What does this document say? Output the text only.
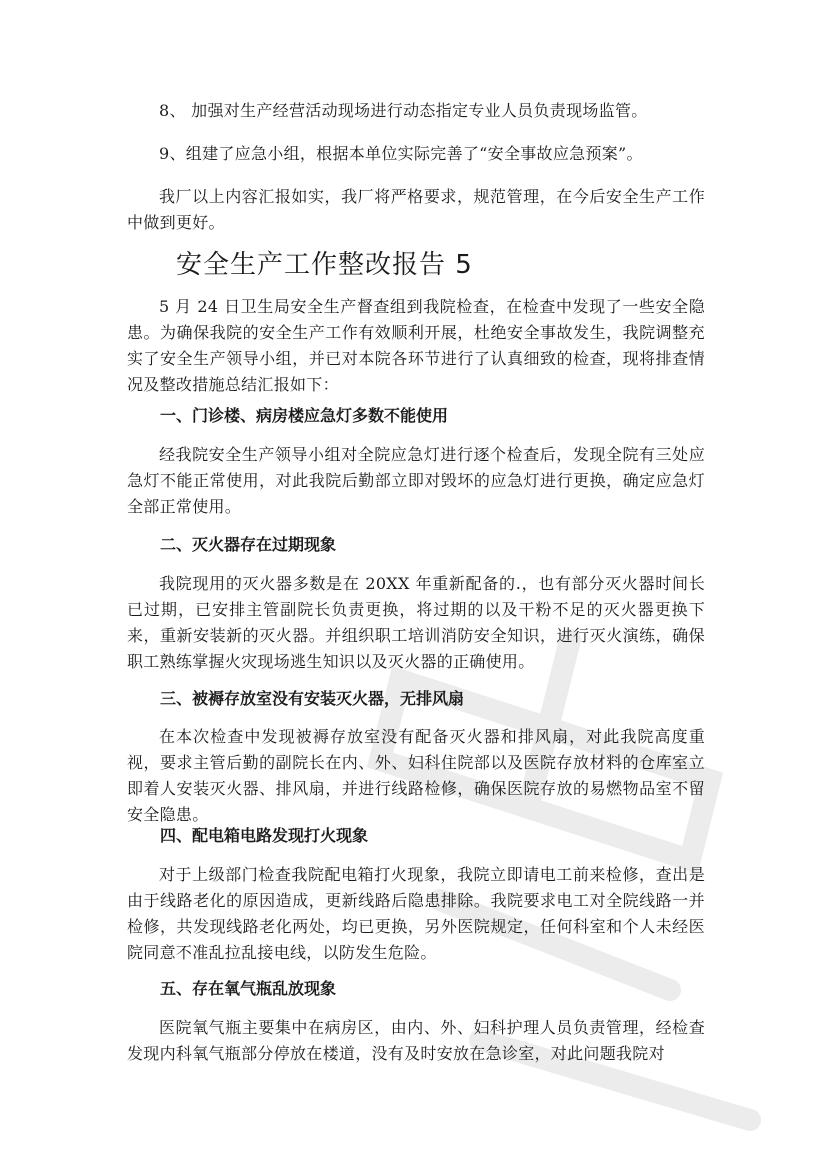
8、 加强对生产经营活动现场进行动态指定专业人员负责现场监管。
9、组建了应急小组，根据本单位实际完善了“安全事故应急预案”。
我厂以上内容汇报如实，我厂将严格要求，规范管理，在今后安全生产工作中做到更好。
安全生产工作整改报告 5
5 月 24 日卫生局安全生产督查组到我院检查，在检查中发现了一些安全隐患。为确保我院的安全生产工作有效顺利开展，杜绝安全事故发生，我院调整充实了安全生产领导小组，并已对本院各环节进行了认真细致的检查，现将排查情况及整改措施总结汇报如下：
一、门诊楼、病房楼应急灯多数不能使用
经我院安全生产领导小组对全院应急灯进行逐个检查后，发现全院有三处应急灯不能正常使用，对此我院后勤部立即对毁坏的应急灯进行更换，确定应急灯全部正常使用。
二、灭火器存在过期现象
我院现用的灭火器多数是在 20XX 年重新配备的.，也有部分灭火器时间长已过期，已安排主管副院长负责更换，将过期的以及干粉不足的灭火器更换下来，重新安装新的灭火器。并组织职工培训消防安全知识，进行灭火演练，确保职工熟练掌握火灾现场逃生知识以及灭火器的正确使用。
三、被褥存放室没有安装灭火器，无排风扇
在本次检查中发现被褥存放室没有配备灭火器和排风扇，对此我院高度重视，要求主管后勤的副院长在内、外、妇科住院部以及医院存放材料的仓库室立即着人安装灭火器、排风扇，并进行线路检修，确保医院存放的易燃物品室不留安全隐患。
四、配电箱电路发现打火现象
对于上级部门检查我院配电箱打火现象，我院立即请电工前来检修，查出是由于线路老化的原因造成，更新线路后隐患排除。我院要求电工对全院线路一并检修，共发现线路老化两处，均已更换，另外医院规定，任何科室和个人未经医院同意不准乱拉乱接电线，以防发生危险。
五、存在氧气瓶乱放现象
医院氧气瓶主要集中在病房区，由内、外、妇科护理人员负责管理，经检查发现内科氧气瓶部分停放在楼道，没有及时安放在急诊室，对此问题我院对
